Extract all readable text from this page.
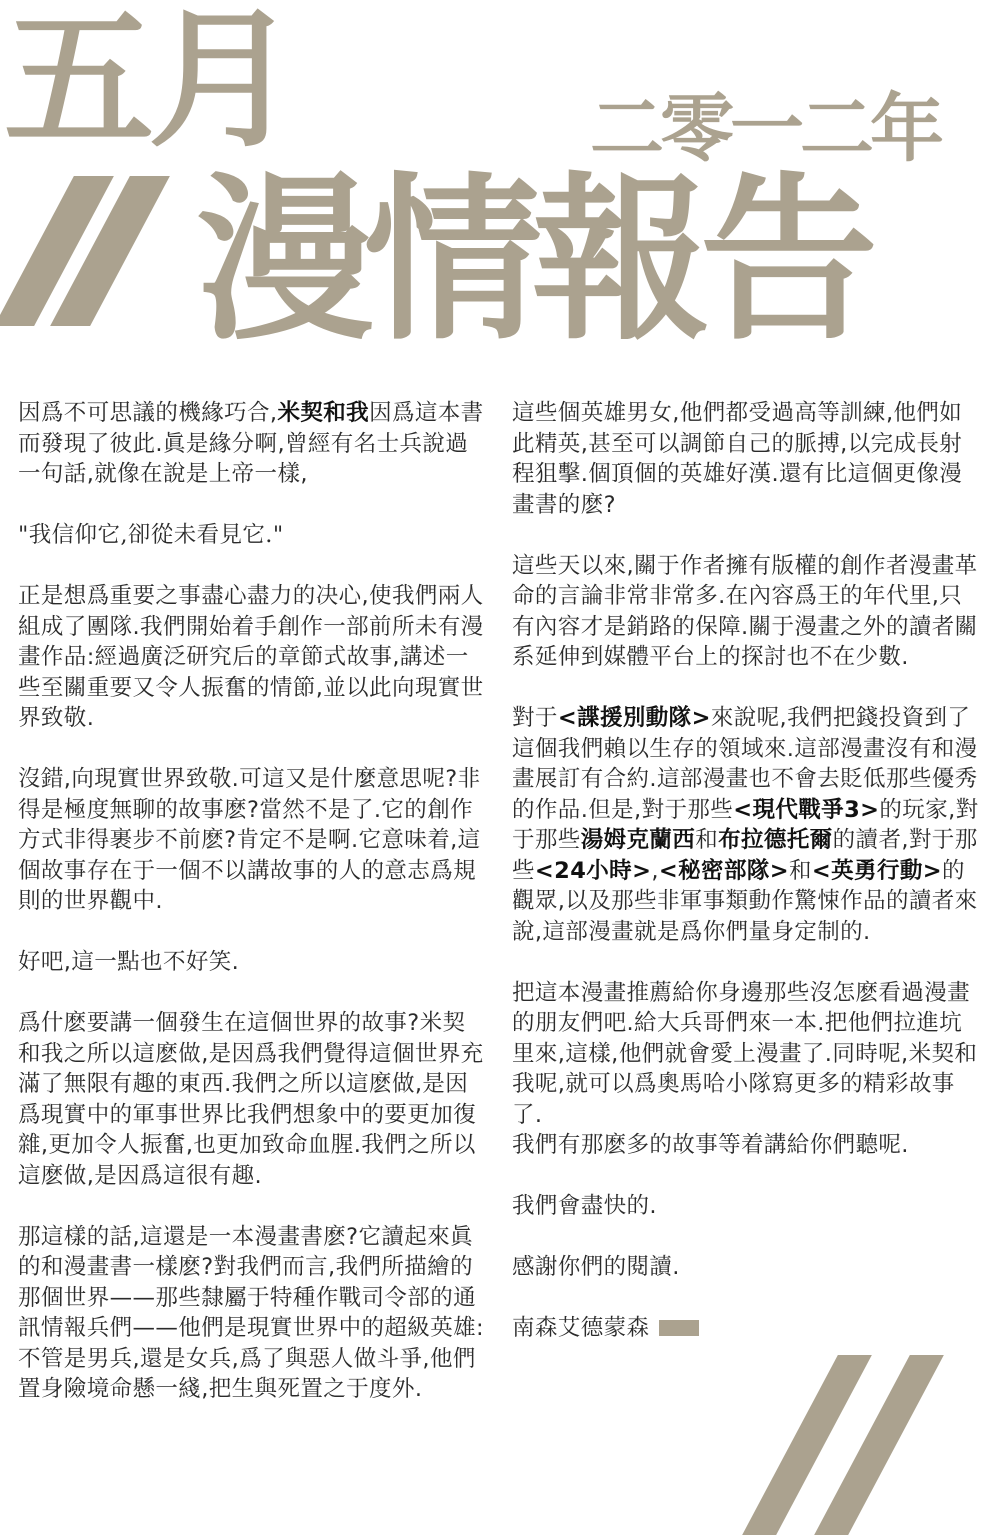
五月	二零一二年
漫情報告

因爲不可思議的機緣巧合,米契和我因爲這本書而發現了彼此.眞是緣分啊,曾經有名士兵說過一句話,就像在說是上帝一樣,

"我信仰它,卻從未看見它."

正是想爲重要之事盡心盡力的决心,使我們兩人組成了團隊.我們開始着手創作一部前所未有漫畫作品:經過廣泛研究后的章節式故事,講述一些至關重要又令人振奮的情節,並以此向現實世界致敬.

沒錯,向現實世界致敬.可這又是什麼意思呢?非得是極度無聊的故事麽?當然不是了.它的創作方式非得裹步不前麽?肯定不是啊.它意味着,這個故事存在于一個不以講故事的人的意志爲規則的世界觀中.

好吧,這一點也不好笑.

爲什麽要講一個發生在這個世界的故事?米契和我之所以這麽做,是因爲我們覺得這個世界充滿了無限有趣的東西.我們之所以這麽做,是因爲現實中的軍事世界比我們想象中的要更加復雜,更加令人振奮,也更加致命血腥.我們之所以這麽做,是因爲這很有趣.

那這樣的話,這還是一本漫畫書麽?它讀起來眞的和漫畫書一樣麽?對我們而言,我們所描繪的那個世界——那些隸屬于特種作戰司令部的通訊情報兵們——他們是現實世界中的超級英雄:不管是男兵,還是女兵,爲了與惡人做斗爭,他們置身險境命懸一綫,把生與死置之于度外.

這些個英雄男女,他們都受過高等訓練,他們如此精英,甚至可以調節自己的脈搏,以完成長射程狙擊.個頂個的英雄好漢.還有比這個更像漫畫書的麽?

這些天以來,關于作者擁有版權的創作者漫畫革命的言論非常非常多.在內容爲王的年代里,只有內容才是銷路的保障.關于漫畫之外的讀者關系延伸到媒體平台上的探討也不在少數.

對于<諜援別動隊>來說呢,我們把錢投資到了這個我們賴以生存的領域來.這部漫畫沒有和漫畫展訂有合約.這部漫畫也不會去貶低那些優秀的作品.但是,對于那些<現代戰爭3>的玩家,對于那些湯姆克蘭西和布拉德托爾的讀者,對于那些<24小時>,<秘密部隊>和<英勇行動>的觀眾,以及那些非軍事類動作驚悚作品的讀者來說,這部漫畫就是爲你們量身定制的.

把這本漫畫推薦給你身邊那些沒怎麽看過漫畫的朋友們吧.給大兵哥們來一本.把他們拉進坑里來,這樣,他們就會愛上漫畫了.同時呢,米契和我呢,就可以爲奧馬哈小隊寫更多的精彩故事了.

我們有那麽多的故事等着講給你們聽呢.

我們會盡快的.

感謝你們的閱讀.

南森艾德蒙森
